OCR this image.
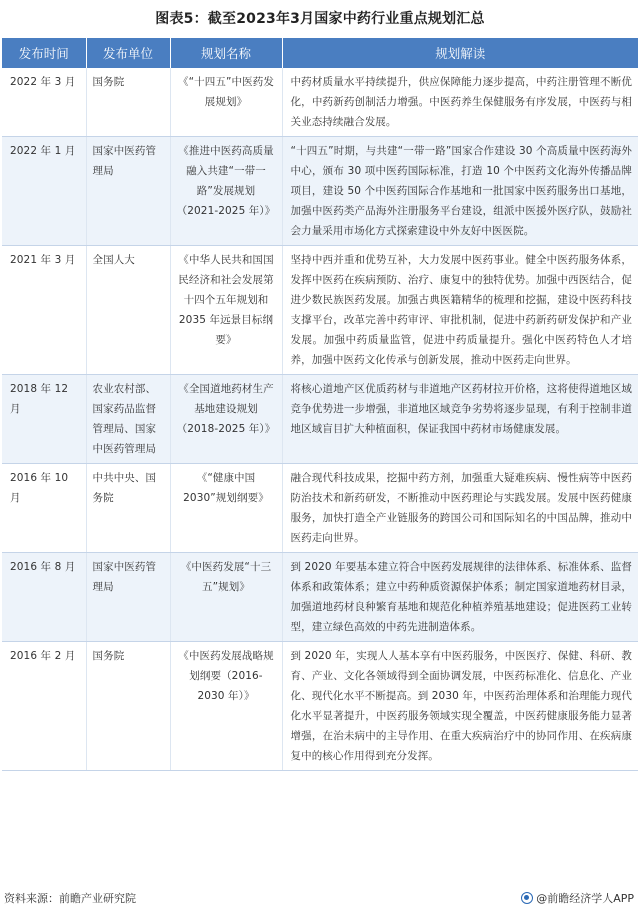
图表5：截至2023年3月国家中药行业重点规划汇总
发布时间	发布单位	规划名称	规划解读
2022 年 3 月	国务院	《“十四五”中医药发展规划》	中药材质量水平持续提升，供应保障能力逐步提高，中药注册管理不断优化，中药新药创制活力增强。中医药养生保健服务有序发展，中医药与相关业态持续融合发展。
2022 年 1 月	国家中医药管理局	《推进中医药高质量融入共建“一带一路”发展规划（2021-2025 年）》	“十四五”时期，与共建“一带一路”国家合作建设 30 个高质量中医药海外中心，颁布 30 项中医药国际标准，打造 10 个中医药文化海外传播品牌项目，建设 50 个中医药国际合作基地和一批国家中医药服务出口基地，加强中医药类产品海外注册服务平台建设，组派中医援外医疗队，鼓励社会力量采用市场化方式探索建设中外友好中医医院。
2021 年 3 月	全国人大	《中华人民共和国国民经济和社会发展第十四个五年规划和 2035 年远景目标纲要》	坚持中西并重和优势互补，大力发展中医药事业。健全中医药服务体系，发挥中医药在疾病预防、治疗、康复中的独特优势。加强中西医结合，促进少数民族医药发展。加强古典医籍精华的梳理和挖掘，建设中医药科技支撑平台，改革完善中药审评、审批机制，促进中药新药研发保护和产业发展。加强中药质量监管，促进中药质量提升。强化中医药特色人才培养，加强中医药文化传承与创新发展，推动中医药走向世界。
2018 年 12 月	农业农村部、国家药品监督管理局、国家中医药管理局	《全国道地药材生产基地建设规划（2018-2025 年）》	将核心道地产区优质药材与非道地产区药材拉开价格，这将使得道地区域竞争优势进一步增强，非道地区域竞争劣势将逐步显现，有利于控制非道地区域盲目扩大种植面积，保证我国中药材市场健康发展。
2016 年 10 月	中共中央、国务院	《“健康中国 2030”规划纲要》	融合现代科技成果，挖掘中药方剂，加强重大疑难疾病、慢性病等中医药防治技术和新药研发，不断推动中医药理论与实践发展。发展中医药健康服务，加快打造全产业链服务的跨国公司和国际知名的中国品牌，推动中医药走向世界。
2016 年 8 月	国家中医药管理局	《中医药发展“十三五”规划》	到 2020 年要基本建立符合中医药发展规律的法律体系、标准体系、监督体系和政策体系；建立中药种质资源保护体系；制定国家道地药材目录，加强道地药材良种繁育基地和规范化种植养殖基地建设；促进医药工业转型，建立绿色高效的中药先进制造体系。
2016 年 2 月	国务院	《中医药发展战略规划纲要（2016-2030 年）》	到 2020 年，实现人人基本享有中医药服务，中医医疗、保健、科研、教育、产业、文化各领域得到全面协调发展，中医药标准化、信息化、产业化、现代化水平不断提高。到 2030 年，中医药治理体系和治理能力现代化水平显著提升，中医药服务领域实现全覆盖，中医药健康服务能力显著增强，在治未病中的主导作用、在重大疾病治疗中的协同作用、在疾病康复中的核心作用得到充分发挥。
资料来源：前瞻产业研究院	@前瞻经济学人APP
